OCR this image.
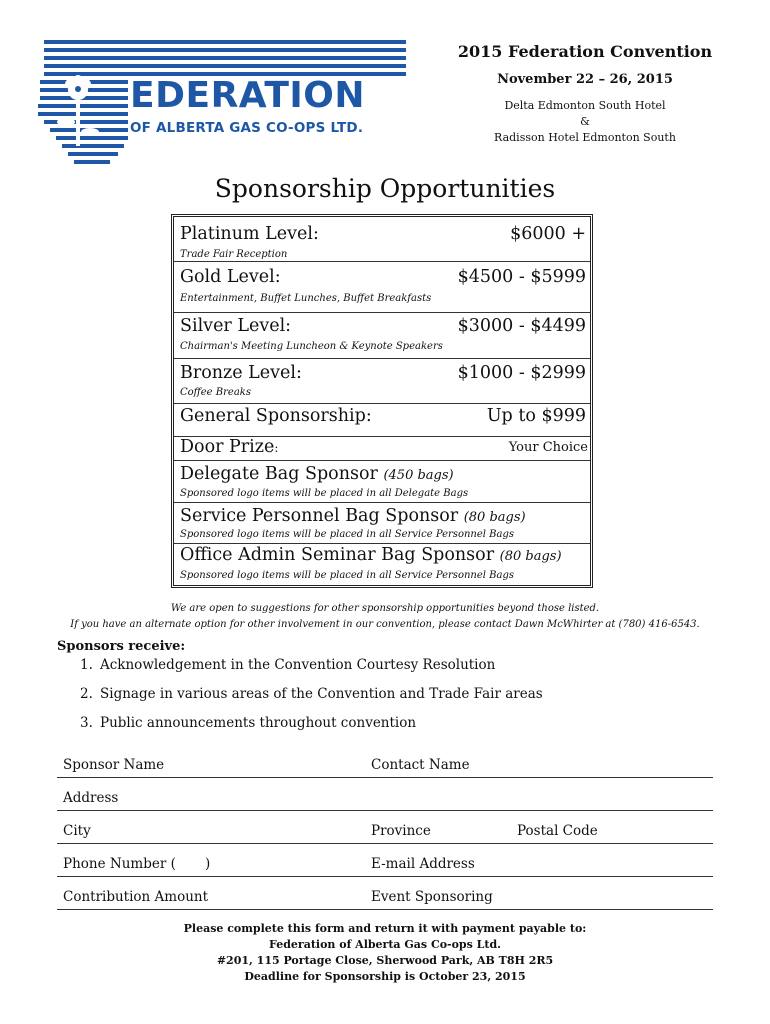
EDERATION
OF ALBERTA GAS CO-OPS LTD.
2015 Federation Convention
November 22 – 26, 2015
Delta Edmonton South Hotel
&
Radisson Hotel Edmonton South
Sponsorship Opportunities
Platinum Level:	$6000 +
Trade Fair Reception
Gold Level:	$4500 - $5999
Entertainment, Buffet Lunches, Buffet Breakfasts
Silver Level:	$3000 - $4499
Chairman's Meeting Luncheon & Keynote Speakers
Bronze Level:	$1000 - $2999
Coffee Breaks
General Sponsorship:	Up to $999
Door Prize:	Your Choice
Delegate Bag Sponsor (450 bags)
Sponsored logo items will be placed in all Delegate Bags
Service Personnel Bag Sponsor (80 bags)
Sponsored logo items will be placed in all Service Personnel Bags
Office Admin Seminar Bag Sponsor (80 bags)
Sponsored logo items will be placed in all Service Personnel Bags
We are open to suggestions for other sponsorship opportunities beyond those listed.
If you have an alternate option for other involvement in our convention, please contact Dawn McWhirter at (780) 416-6543.
Sponsors receive:
1. Acknowledgement in the Convention Courtesy Resolution
2. Signage in various areas of the Convention and Trade Fair areas
3. Public announcements throughout convention
Sponsor Name	Contact Name
Address
City	Province	Postal Code
Phone Number ( )	E-mail Address
Contribution Amount	Event Sponsoring
Please complete this form and return it with payment payable to:
Federation of Alberta Gas Co-ops Ltd.
#201, 115 Portage Close, Sherwood Park, AB T8H 2R5
Deadline for Sponsorship is October 23, 2015
